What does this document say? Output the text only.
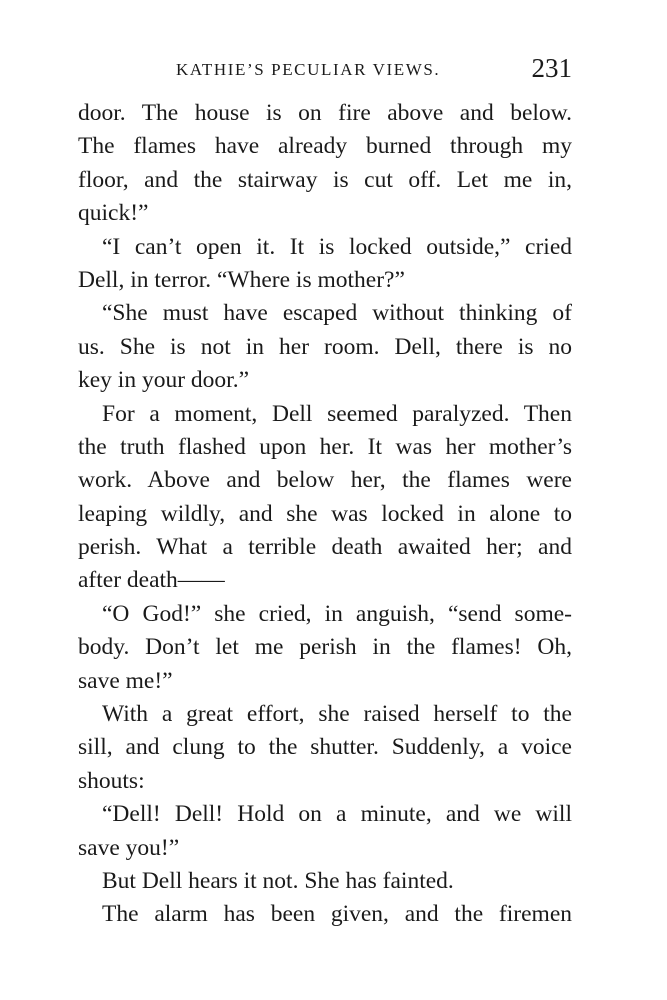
KATHIE’S PECULIAR VIEWS.	231

door. The house is on fire above and below.
The flames have already burned through my
floor, and the stairway is cut off. Let me in,
quick!”

“I can’t open it. It is locked outside,” cried
Dell, in terror. “Where is mother?”

“She must have escaped without thinking of
us. She is not in her room. Dell, there is no
key in your door.”

For a moment, Dell seemed paralyzed. Then
the truth flashed upon her. It was her mother’s
work. Above and below her, the flames were
leaping wildly, and she was locked in alone to
perish. What a terrible death awaited her; and
after death——

“O God!” she cried, in anguish, “send some-
body. Don’t let me perish in the flames! Oh,
save me!”

With a great effort, she raised herself to the
sill, and clung to the shutter. Suddenly, a voice
shouts:

“Dell! Dell! Hold on a minute, and we will
save you!”

But Dell hears it not. She has fainted.

The alarm has been given, and the firemen
